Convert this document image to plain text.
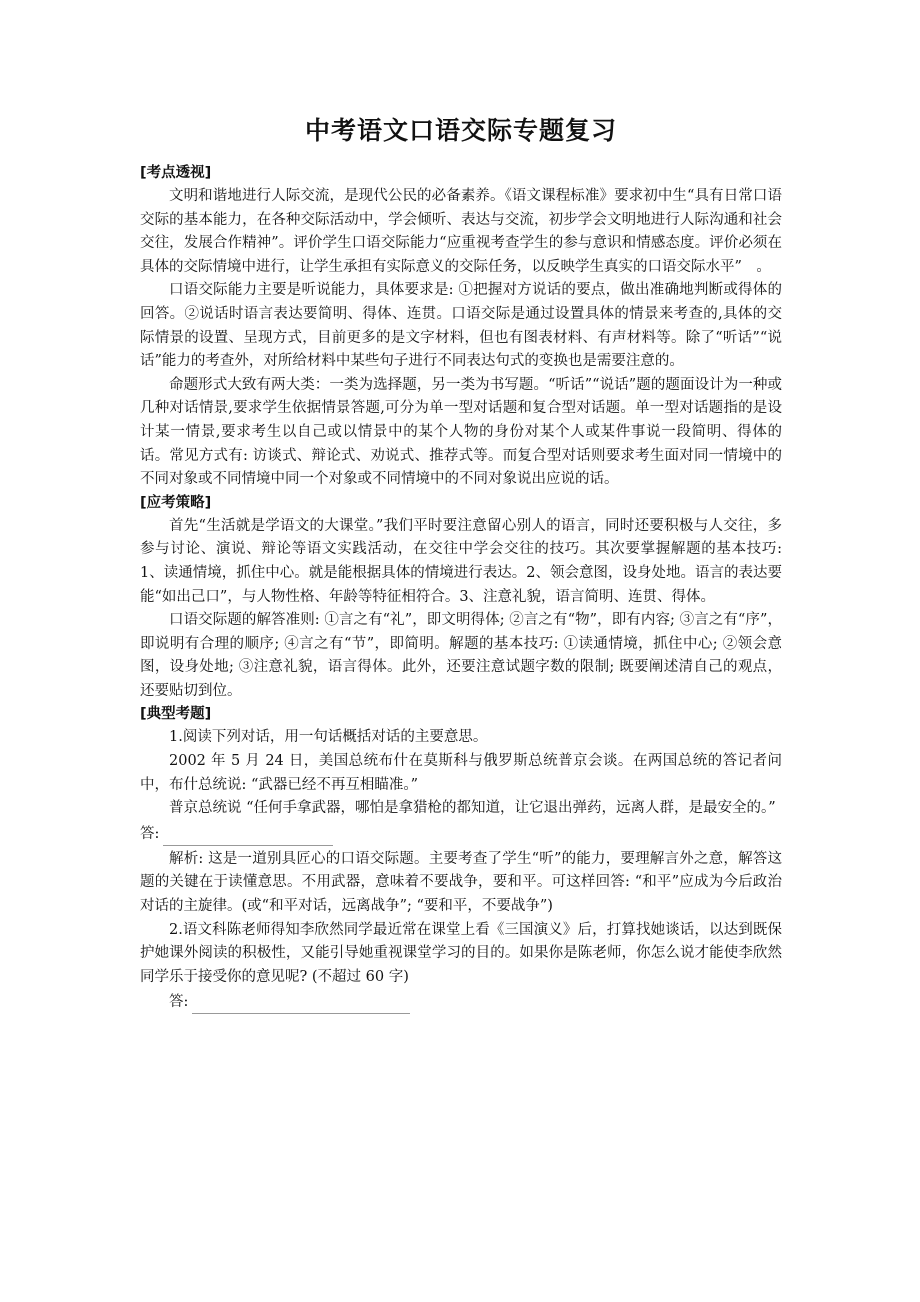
中考语文口语交际专题复习
[考点透视]

文明和谐地进行人际交流，是现代公民的必备素养。《语文课程标准》要求初中生“具有日常口语交际的基本能力，在各种交际活动中，学会倾听、表达与交流，初步学会文明地进行人际沟通和社会交往，发展合作精神”。评价学生口语交际能力“应重视考查学生的参与意识和情感态度。评价必须在具体的交际情境中进行，让学生承担有实际意义的交际任务，以反映学生真实的口语交际水平”　。

口语交际能力主要是听说能力，具体要求是: ①把握对方说话的要点，做出准确地判断或得体的回答。②说话时语言表达要简明、得体、连贯。口语交际是通过设置具体的情景来考查的,具体的交际情景的设置、呈现方式，目前更多的是文字材料，但也有图表材料、有声材料等。除了“听话”“说话”能力的考查外，对所给材料中某些句子进行不同表达句式的变换也是需要注意的。

命题形式大致有两大类：一类为选择题，另一类为书写题。“听话”“说话”题的题面设计为一种或几种对话情景,要求学生依据情景答题,可分为单一型对话题和复合型对话题。单一型对话题指的是设计某一情景,要求考生以自己或以情景中的某个人物的身份对某个人或某件事说一段简明、得体的话。常见方式有: 访谈式、辩论式、劝说式、推荐式等。而复合型对话则要求考生面对同一情境中的不同对象或不同情境中同一个对象或不同情境中的不同对象说出应说的话。

[应考策略]

首先“生活就是学语文的大课堂。”我们平时要注意留心别人的语言，同时还要积极与人交往，多参与讨论、演说、辩论等语文实践活动，在交往中学会交往的技巧。其次要掌握解题的基本技巧: 1、读通情境，抓住中心。就是能根据具体的情境进行表达。2、领会意图，设身处地。语言的表达要能“如出己口”，与人物性格、年龄等特征相符合。3、注意礼貌，语言简明、连贯、得体。

口语交际题的解答准则: ①言之有“礼”，即文明得体; ②言之有“物”，即有内容; ③言之有“序”，即说明有合理的顺序; ④言之有“节”，即简明。解题的基本技巧: ①读通情境，抓住中心; ②领会意图，设身处地; ③注意礼貌，语言得体。此外，还要注意试题字数的限制; 既要阐述清自己的观点，还要贴切到位。

[典型考题]

1.阅读下列对话，用一句话概括对话的主要意思。

2002 年 5 月 24 日，美国总统布什在莫斯科与俄罗斯总统普京会谈。在两国总统的答记者问中，布什总统说: “武器已经不再互相瞄准。”

普京总统说 “任何手拿武器，哪怕是拿猎枪的都知道，让它退出弹药，远离人群，是最安全的。”

答:

解析: 这是一道别具匠心的口语交际题。主要考查了学生“听”的能力，要理解言外之意，解答这题的关键在于读懂意思。不用武器，意味着不要战争，要和平。可这样回答: “和平”应成为今后政治对话的主旋律。(或“和平对话，远离战争”; “要和平，不要战争”)

2.语文科陈老师得知李欣然同学最近常在课堂上看《三国演义》后，打算找她谈话，以达到既保护她课外阅读的积极性，又能引导她重视课堂学习的目的。如果你是陈老师，你怎么说才能使李欣然同学乐于接受你的意见呢? (不超过 60 字)

答:
